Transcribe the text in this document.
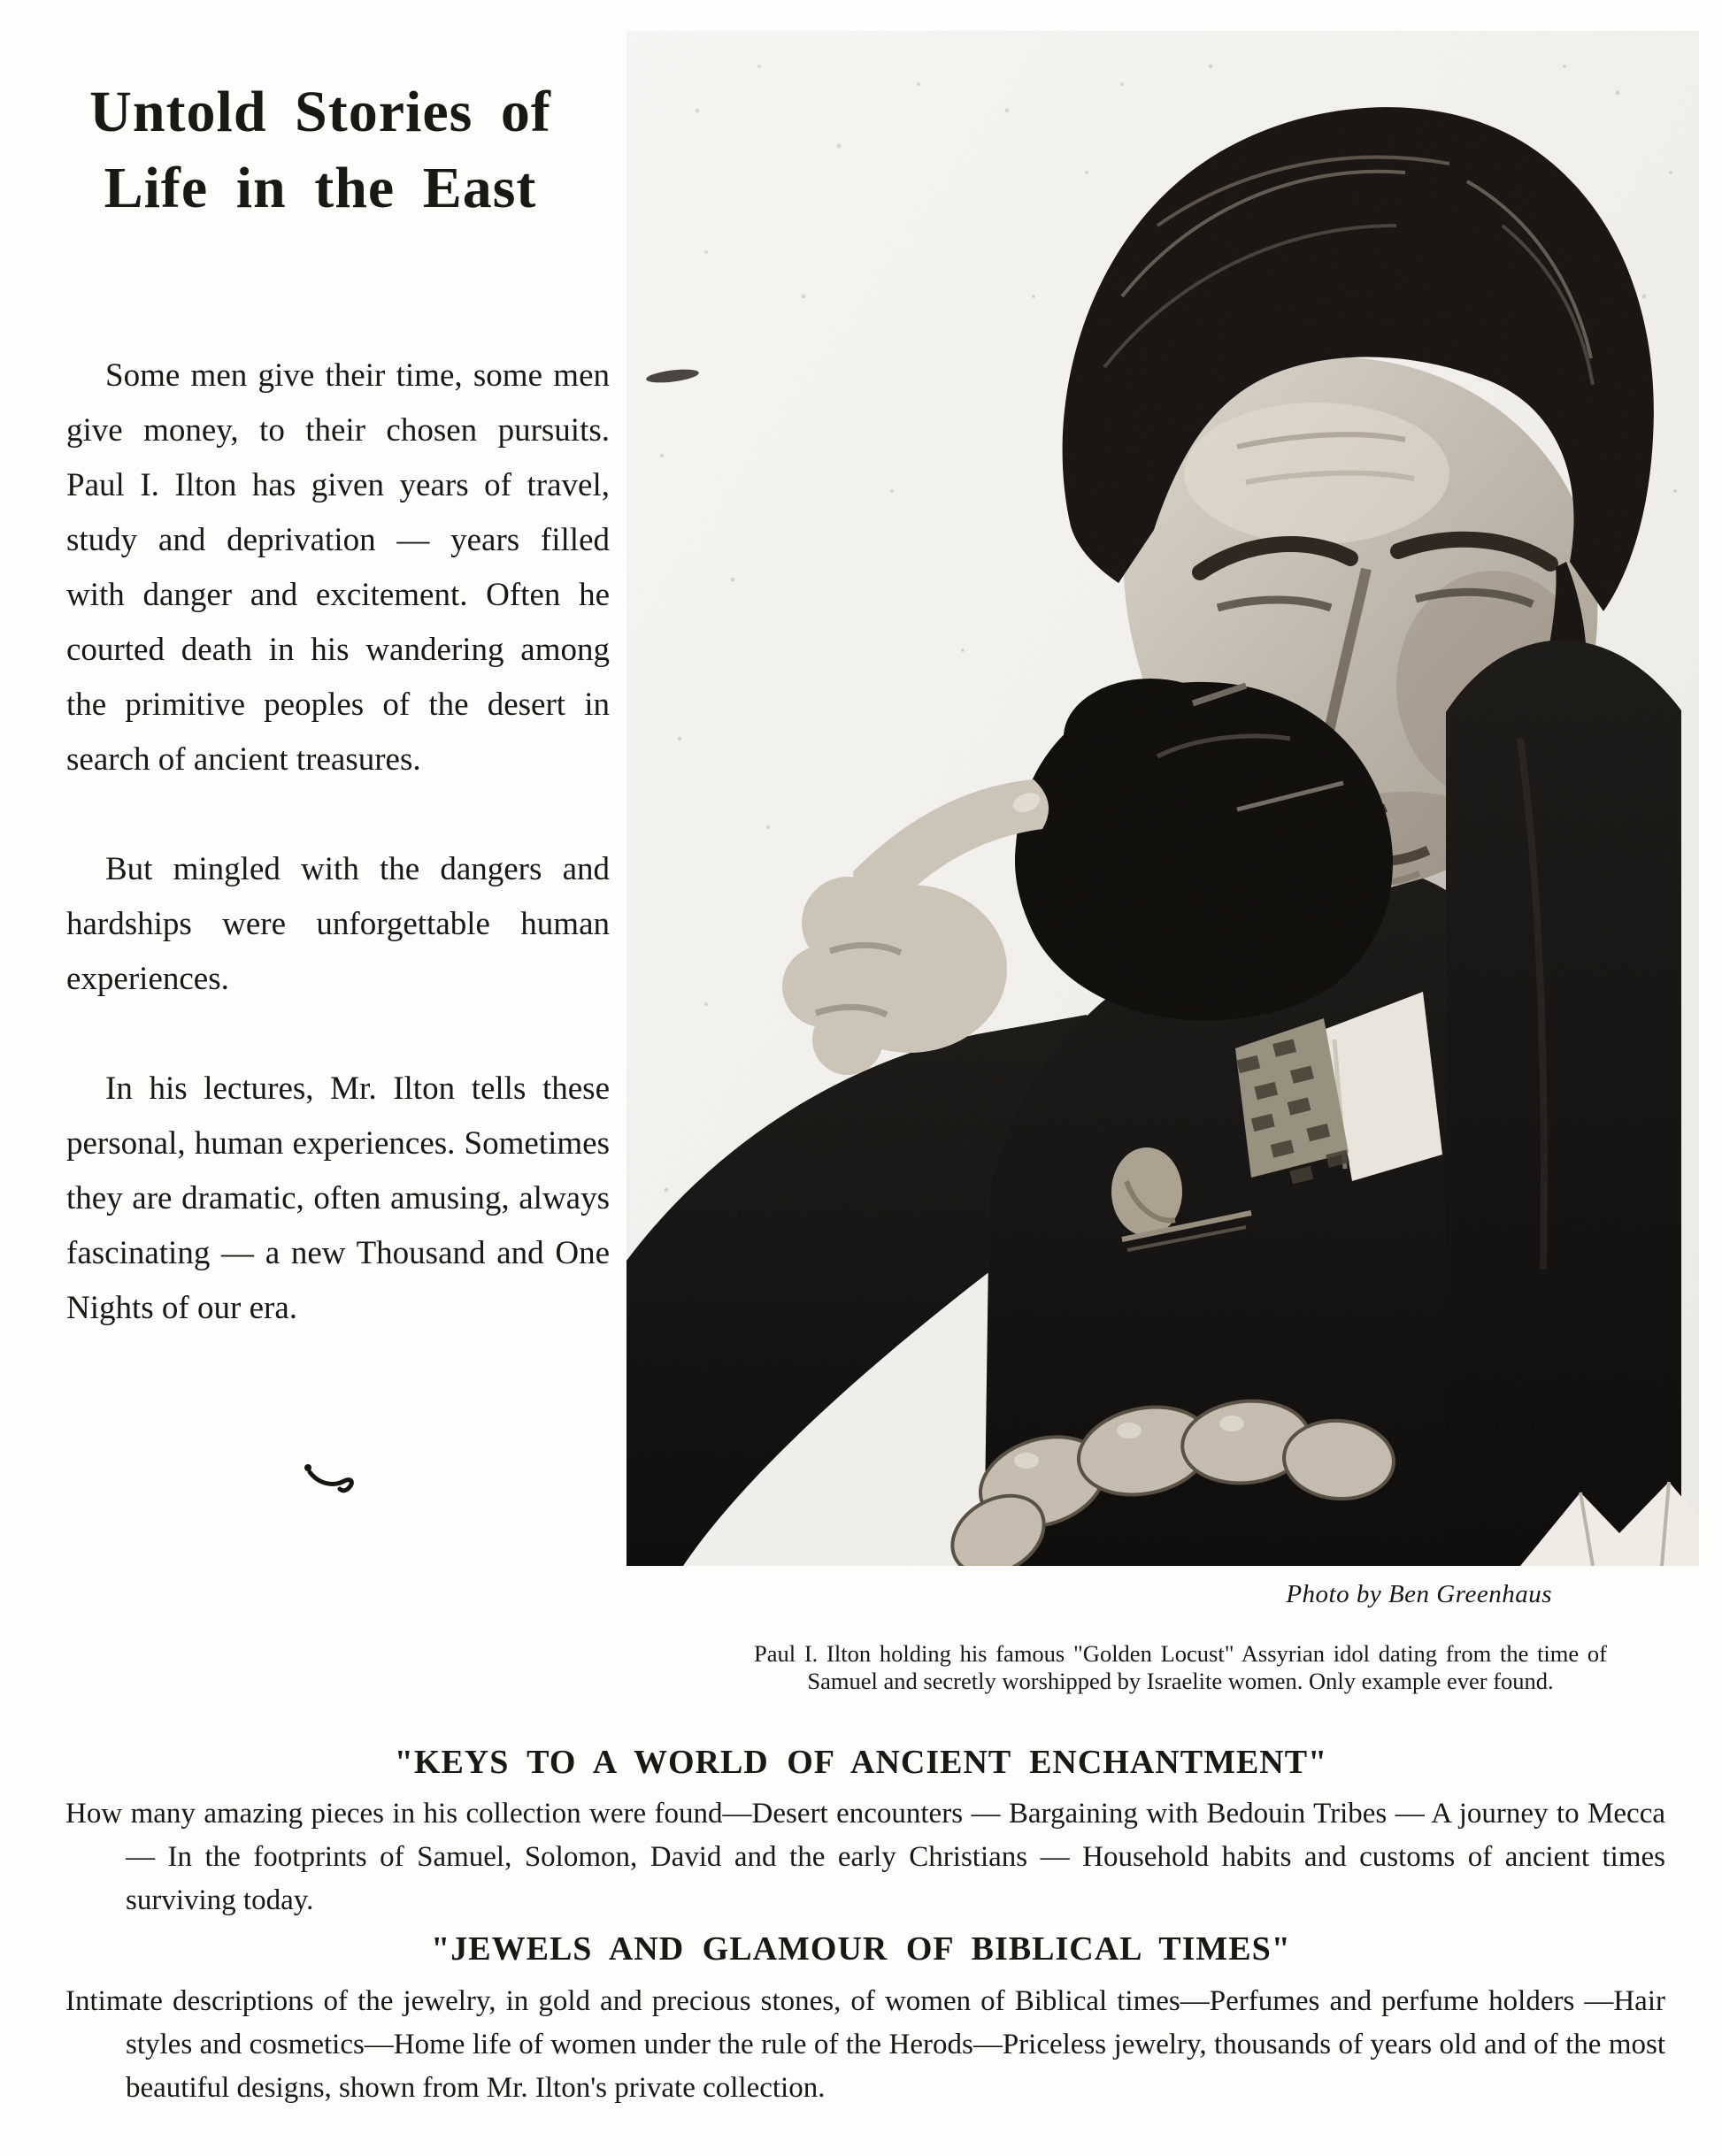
Untold Stories of
Life in the East

Some men give their time, some men give money, to their chosen pursuits. Paul I. Ilton has given years of travel, study and deprivation — years filled with danger and excitement. Often he courted death in his wandering among the primitive peoples of the desert in search of ancient treasures.

But mingled with the dangers and hardships were unforgettable human experiences.

In his lectures, Mr. Ilton tells these personal, human experiences. Sometimes they are dramatic, often amusing, always fascinating — a new Thousand and One Nights of our era.

Photo by Ben Greenhaus
Paul I. Ilton holding his famous "Golden Locust" Assyrian idol dating from the time of Samuel and secretly worshipped by Israelite women. Only example ever found.
"KEYS TO A WORLD OF ANCIENT ENCHANTMENT"

How many amazing pieces in his collection were found—Desert encounters — Bargaining with Bedouin Tribes — A journey to Mecca — In the footprints of Samuel, Solomon, David and the early Christians — Household habits and customs of ancient times surviving today.

"JEWELS AND GLAMOUR OF BIBLICAL TIMES"

Intimate descriptions of the jewelry, in gold and precious stones, of women of Biblical times—Perfumes and perfume holders —Hair styles and cosmetics—Home life of women under the rule of the Herods—Priceless jewelry, thousands of years old and of the most beautiful designs, shown from Mr. Ilton's private collection.
